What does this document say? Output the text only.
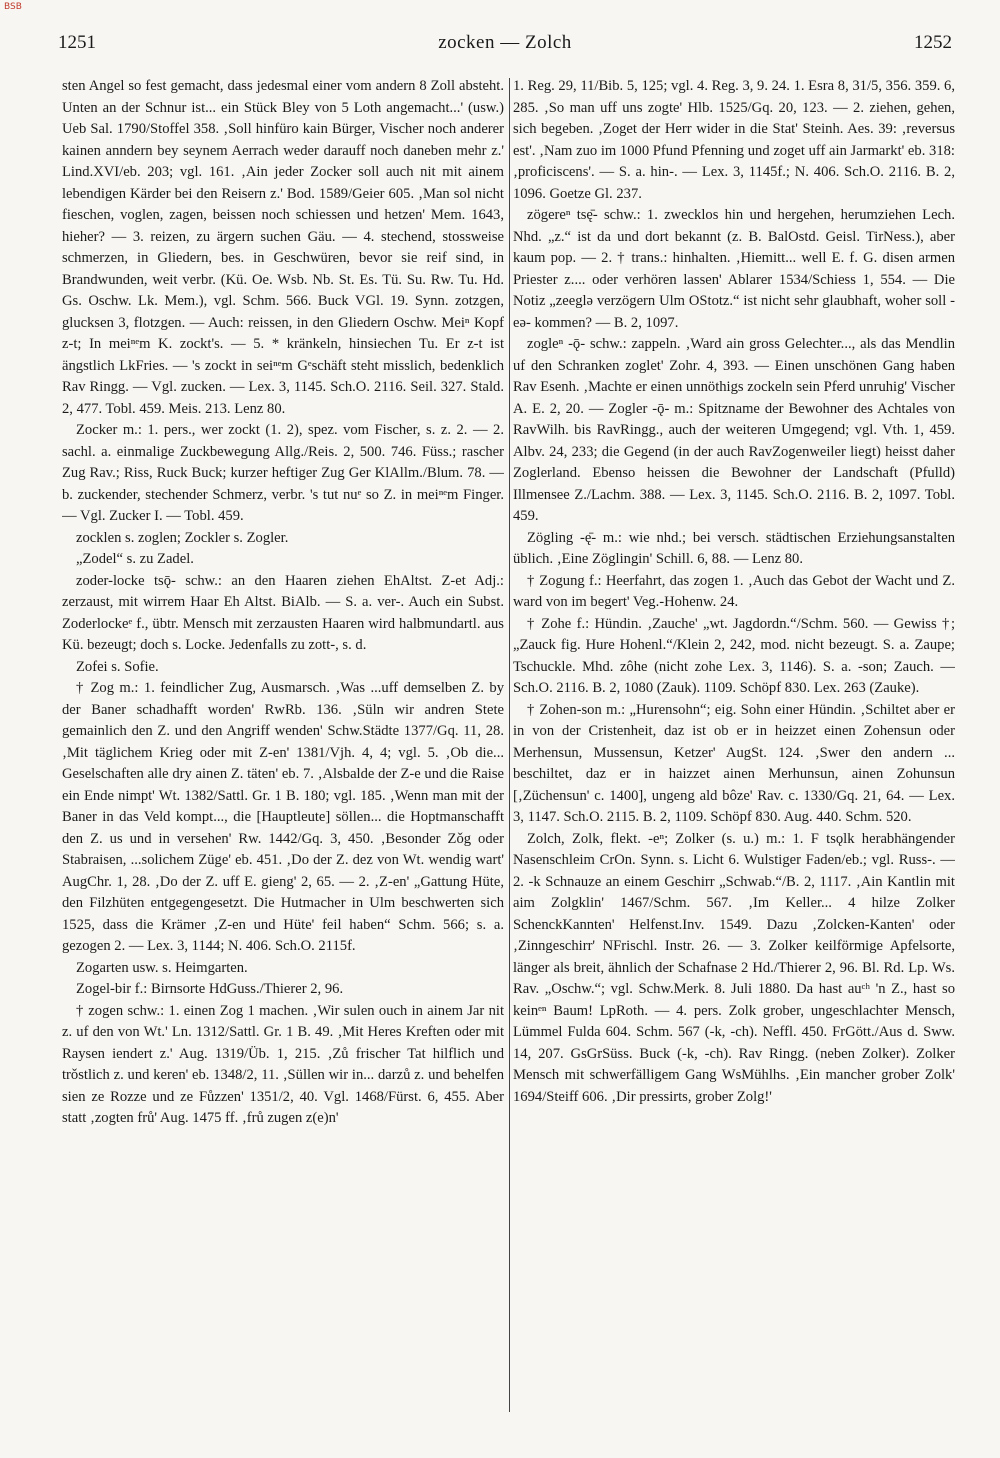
BSB
1251	zocken — Zolch	1252

sten Angel so fest gemacht, dass jedesmal einer vom andern 8 Zoll absteht. Unten an der Schnur ist... ein Stück Bley von 5 Loth angemacht...' (usw.) Ueb Sal. 1790/Stoffel 358. ‚Soll hinfüro kain Bürger, Vischer noch anderer kainen anndern bey seynem Aerrach weder darauff noch daneben mehr z.' Lind.XVI/eb. 203; vgl. 161. ‚Ain jeder Zocker soll auch nit mit ainem lebendigen Kärder bei den Reisern z.' Bod. 1589/Geier 605. ‚Man sol nicht fieschen, voglen, zagen, beissen noch schiessen und hetzen' Mem. 1643, hieher? — 3. reizen, zu ärgern suchen Gäu. — 4. stechend, stossweise schmerzen, in Gliedern, bes. in Geschwüren, bevor sie reif sind, in Brandwunden, weit verbr. (Kü. Oe. Wsb. Nb. St. Es. Tü. Su. Rw. Tu. Hd. Gs. Oschw. Lk. Mem.), vgl. Schm. 566. Buck VGl. 19. Synn. zotzgen, glucksen 3, flotzgen. — Auch: reissen, in den Gliedern Oschw. Meiⁿ Kopf z-t; In meiⁿᵉm K. zockt's. — 5. * kränkeln, hinsiechen Tu. Er z-t ist ängstlich LkFries. — 's zockt in seiⁿᵉm Gᵉschäft steht misslich, bedenklich Rav Ringg. — Vgl. zucken. — Lex. 3, 1145. Sch.O. 2116. Seil. 327. Stald. 2, 477. Tobl. 459. Meis. 213. Lenz 80.

Zocker m.: 1. pers., wer zockt (1. 2), spez. vom Fischer, s. z. 2. — 2. sachl. a. einmalige Zuckbewegung Allg./Reis. 2, 500. 746. Füss.; rascher Zug Rav.; Riss, Ruck Buck; kurzer heftiger Zug Ger KlAllm./Blum. 78. — b. zuckender, stechender Schmerz, verbr. 's tut nuᵉ so Z. in meiⁿᵉm Finger. — Vgl. Zucker I. — Tobl. 459.

zocklen s. zoglen; Zockler s. Zogler.

„Zodel“ s. zu Zadel.

zoder-locke tsǭ- schw.: an den Haaren ziehen EhAltst. Z-et Adj.: zerzaust, mit wirrem Haar Eh Altst. BiAlb. — S. a. ver-. Auch ein Subst. Zoderlockeᵉ f., übtr. Mensch mit zerzausten Haaren wird halbmundartl. aus Kü. bezeugt; doch s. Locke. Jedenfalls zu zott-, s. d.

Zofei s. Sofie.

† Zog m.: 1. feindlicher Zug, Ausmarsch. ‚Was ...uff demselben Z. by der Baner schadhafft worden' RwRb. 136. ‚Süln wir andren Stete gemainlich den Z. und den Angriff wenden' Schw.Städte 1377/Gq. 11, 28. ‚Mit täglichem Krieg oder mit Z-en' 1381/Vjh. 4, 4; vgl. 5. ‚Ob die... Geselschaften alle dry ainen Z. täten' eb. 7. ‚Alsbalde der Z-e und die Raise ein Ende nimpt' Wt. 1382/Sattl. Gr. 1 B. 180; vgl. 185. ‚Wenn man mit der Baner in das Veld kompt..., die [Hauptleute] söllen... die Hoptmanschafft den Z. us und in versehen' Rw. 1442/Gq. 3, 450. ‚Besonder Zǒg oder Stabraisen, ...solichem Züge' eb. 451. ‚Do der Z. dez von Wt. wendig wart' AugChr. 1, 28. ‚Do der Z. uff E. gieng' 2, 65. — 2. ‚Z-en' „Gattung Hüte, den Filzhüten entgegengesetzt. Die Hutmacher in Ulm beschwerten sich 1525, dass die Krämer ‚Z-en und Hüte' feil haben“ Schm. 566; s. a. gezogen 2. — Lex. 3, 1144; N. 406. Sch.O. 2115f.

Zogarten usw. s. Heimgarten.

Zogel-bir f.: Birnsorte HdGuss./Thierer 2, 96.

† zogen schw.: 1. einen Zog 1 machen. ‚Wir sulen ouch in ainem Jar nit z. uf den von Wt.' Ln. 1312/Sattl. Gr. 1 B. 49. ‚Mit Heres Kreften oder mit Raysen iendert z.' Aug. 1319/Üb. 1, 215. ‚Zů frischer Tat hilflich und trǒstlich z. und keren' eb. 1348/2, 11. ‚Süllen wir in... darzů z. und behelfen sien ze Rozze und ze Fůzzen' 1351/2, 40. Vgl. 1468/Fürst. 6, 455. Aber statt ‚zogten frů' Aug. 1475 ff. ‚frů zugen z(e)n'

1. Reg. 29, 11/Bib. 5, 125; vgl. 4. Reg. 3, 9. 24. 1. Esra 8, 31/5, 356. 359. 6, 285. ‚So man uff uns zogte' Hlb. 1525/Gq. 20, 123. — 2. ziehen, gehen, sich begeben. ‚Zoget der Herr wider in die Stat' Steinh. Aes. 39: ‚reversus est'. ‚Nam zuo im 1000 Pfund Pfenning und zoget uff ain Jarmarkt' eb. 318: ‚proficiscens'. — S. a. hin-. — Lex. 3, 1145f.; N. 406. Sch.O. 2116. B. 2, 1096. Goetze Gl. 237.

zögereⁿ tsę̄- schw.: 1. zwecklos hin und hergehen, herumziehen Lech. Nhd. „z.“ ist da und dort bekannt (z. B. BalOstd. Geisl. TirNess.), aber kaum pop. — 2. † trans.: hinhalten. ‚Hiemitt... well E. f. G. disen armen Priester z.... oder verhören lassen' Ablarer 1534/Schiess 1, 554. — Die Notiz „zeeglə verzögern Ulm OStotz.“ ist nicht sehr glaubhaft, woher soll -eə- kommen? — B. 2, 1097.

zogleⁿ -ǭ- schw.: zappeln. ‚Ward ain gross Gelechter..., als das Mendlin uf den Schranken zoglet' Zohr. 4, 393. — Einen unschönen Gang haben Rav Esenh. ‚Machte er einen unnöthigs zockeln sein Pferd unruhig' Vischer A. E. 2, 20. — Zogler -ǭ- m.: Spitzname der Bewohner des Achtales von RavWilh. bis RavRingg., auch der weiteren Umgegend; vgl. Vth. 1, 459. Albv. 24, 233; die Gegend (in der auch RavZogenweiler liegt) heisst daher Zoglerland. Ebenso heissen die Bewohner der Landschaft (Pfulld) Illmensee Z./Lachm. 388. — Lex. 3, 1145. Sch.O. 2116. B. 2, 1097. Tobl. 459.

Zögling -ę̄- m.: wie nhd.; bei versch. städtischen Erziehungsanstalten üblich. ‚Eine Zöglingin' Schill. 6, 88. — Lenz 80.

† Zogung f.: Heerfahrt, das zogen 1. ‚Auch das Gebot der Wacht und Z. ward von im begert' Veg.-Hohenw. 24.

† Zohe f.: Hündin. ‚Zauche' „wt. Jagdordn.“/Schm. 560. — Gewiss †; „Zauck fig. Hure Hohenl.“/Klein 2, 242, mod. nicht bezeugt. S. a. Zaupe; Tschuckle. Mhd. zôhe (nicht zohe Lex. 3, 1146). S. a. -son; Zauch. — Sch.O. 2116. B. 2, 1080 (Zauk). 1109. Schöpf 830. Lex. 263 (Zauke).

† Zohen-son m.: „Hurensohn“; eig. Sohn einer Hündin. ‚Schiltet aber er in von der Cristenheit, daz ist ob er in heizzet einen Zohensun oder Merhensun, Mussensun, Ketzer' AugSt. 124. ‚Swer den andern ... beschiltet, daz er in haizzet ainen Merhunsun, ainen Zohunsun [‚Züchensun' c. 1400], ungeng ald bôze' Rav. c. 1330/Gq. 21, 64. — Lex. 3, 1147. Sch.O. 2115. B. 2, 1109. Schöpf 830. Aug. 440. Schm. 520.

Zolch, Zolk, flekt. -eⁿ; Zolker (s. u.) m.: 1. F tsǫlk herabhängender Nasenschleim CrOn. Synn. s. Licht 6. Wulstiger Faden/eb.; vgl. Russ-. — 2. -k Schnauze an einem Geschirr „Schwab.“/B. 2, 1117. ‚Ain Kantlin mit aim Zolgklin' 1467/Schm. 567. ‚Im Keller... 4 hilze Zolker SchenckKannten' Helfenst.Inv. 1549. Dazu ‚Zolcken-Kanten' oder ‚Zinngeschirr' NFrischl. Instr. 26. — 3. Zolker keilförmige Apfelsorte, länger als breit, ähnlich der Schafnase 2 Hd./Thierer 2, 96. Bl. Rd. Lp. Ws. Rav. „Oschw.“; vgl. Schw.Merk. 8. Juli 1880. Da hast auᶜʰ 'n Z., hast so keinᵉⁿ Baum! LpRoth. — 4. pers. Zolk grober, ungeschlachter Mensch, Lümmel Fulda 604. Schm. 567 (-k, -ch). Neffl. 450. FrGött./Aus d. Sww. 14, 207. GsGrSüss. Buck (-k, -ch). Rav Ringg. (neben Zolker). Zolker Mensch mit schwerfälligem Gang WsMühlhs. ‚Ein mancher grober Zolk' 1694/Steiff 606. ‚Dir pressirts, grober Zolg!'
